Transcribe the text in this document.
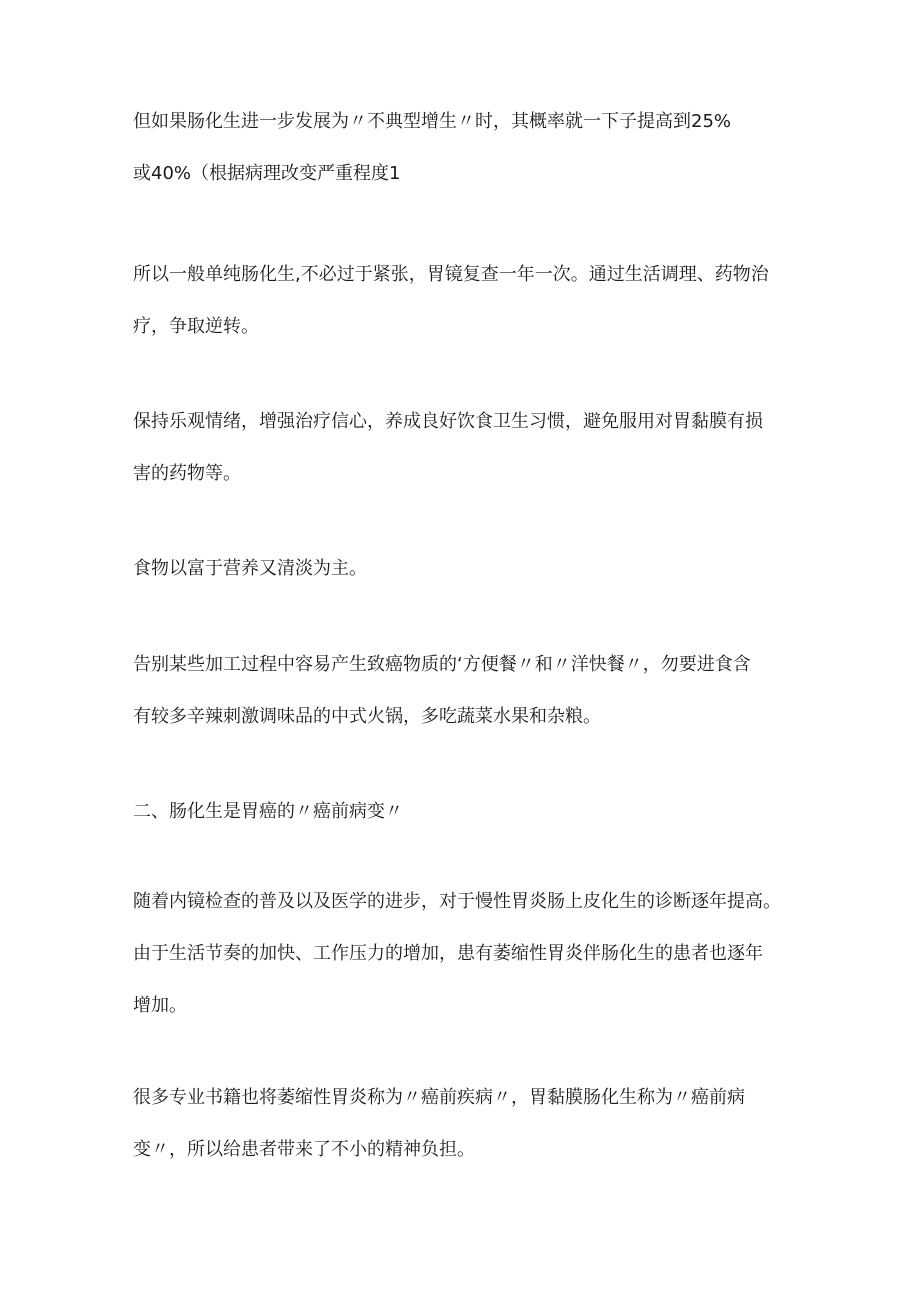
但如果肠化生进一步发展为〃不典型增生〃时，其概率就一下子提高到25%
或40%（根据病理改变严重程度1

所以一般单纯肠化生,不必过于紧张，胃镜复查一年一次。通过生活调理、药物治
疗，争取逆转。

保持乐观情绪，增强治疗信心，养成良好饮食卫生习惯，避免服用对胃黏膜有损
害的药物等。

食物以富于营养又清淡为主。

告别某些加工过程中容易产生致癌物质的‘方便餐〃和〃洋快餐〃，勿要进食含
有较多辛辣刺激调味品的中式火锅，多吃蔬菜水果和杂粮。

二、肠化生是胃癌的〃癌前病变〃

随着内镜检查的普及以及医学的进步，对于慢性胃炎肠上皮化生的诊断逐年提高。
由于生活节奏的加快、工作压力的增加，患有萎缩性胃炎伴肠化生的患者也逐年
增加。

很多专业书籍也将萎缩性胃炎称为〃癌前疾病〃，胃黏膜肠化生称为〃癌前病
变〃，所以给患者带来了不小的精神负担。
